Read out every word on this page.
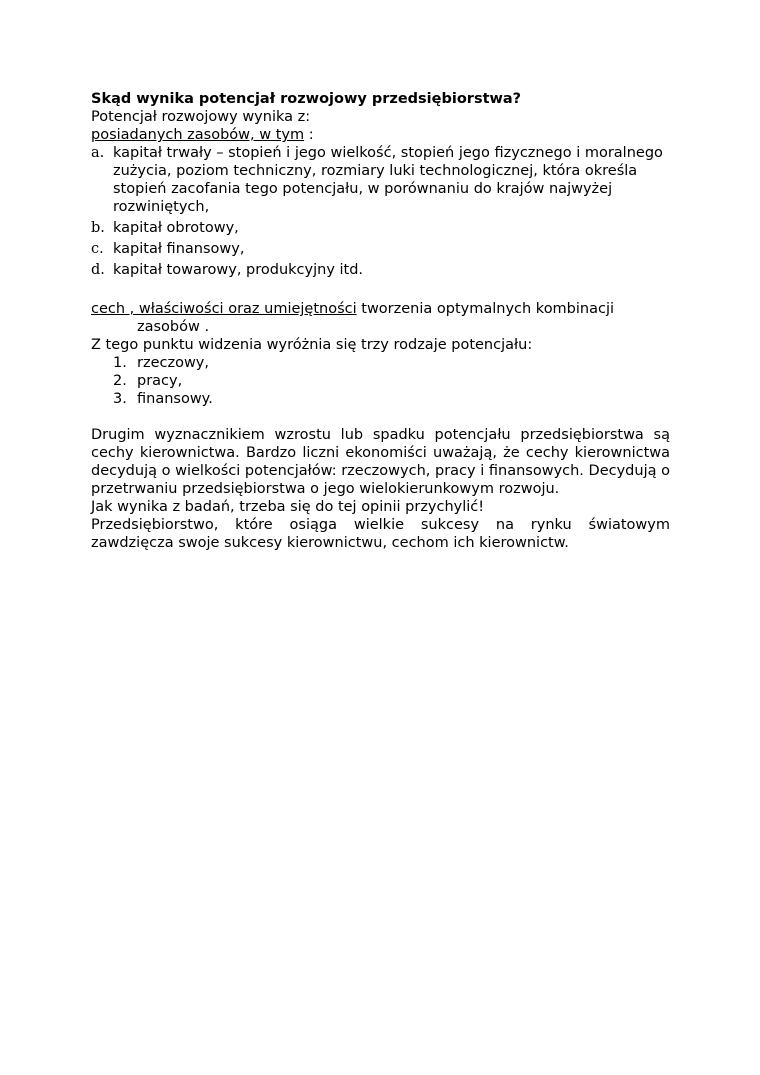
Skąd wynika potencjał rozwojowy przedsiębiorstwa?

Potencjał rozwojowy wynika z:

posiadanych zasobów, w tym :

a. kapitał trwały – stopień i jego wielkość, stopień jego fizycznego i moralnego zużycia, poziom techniczny, rozmiary luki technologicznej, która określa stopień zacofania tego potencjału, w porównaniu do krajów najwyżej rozwiniętych,
b. kapitał obrotowy,
c. kapitał finansowy,
d. kapitał towarowy, produkcyjny itd.

cech , właściwości oraz umiejętności tworzenia optymalnych kombinacji zasobów .

Z tego punktu widzenia wyróżnia się trzy rodzaje potencjału:

1. rzeczowy,
2. pracy,
3. finansowy.

Drugim wyznacznikiem wzrostu lub spadku potencjału przedsiębiorstwa są cechy kierownictwa. Bardzo liczni ekonomiści uważają, że cechy kierownictwa decydują o wielkości potencjałów: rzeczowych, pracy i finansowych. Decydują o przetrwaniu przedsiębiorstwa o jego wielokierunkowym rozwoju.

Jak wynika z badań, trzeba się do tej opinii przychylić!

Przedsiębiorstwo, które osiąga wielkie sukcesy na rynku światowym zawdzięcza swoje sukcesy kierownictwu, cechom ich kierownictw.
